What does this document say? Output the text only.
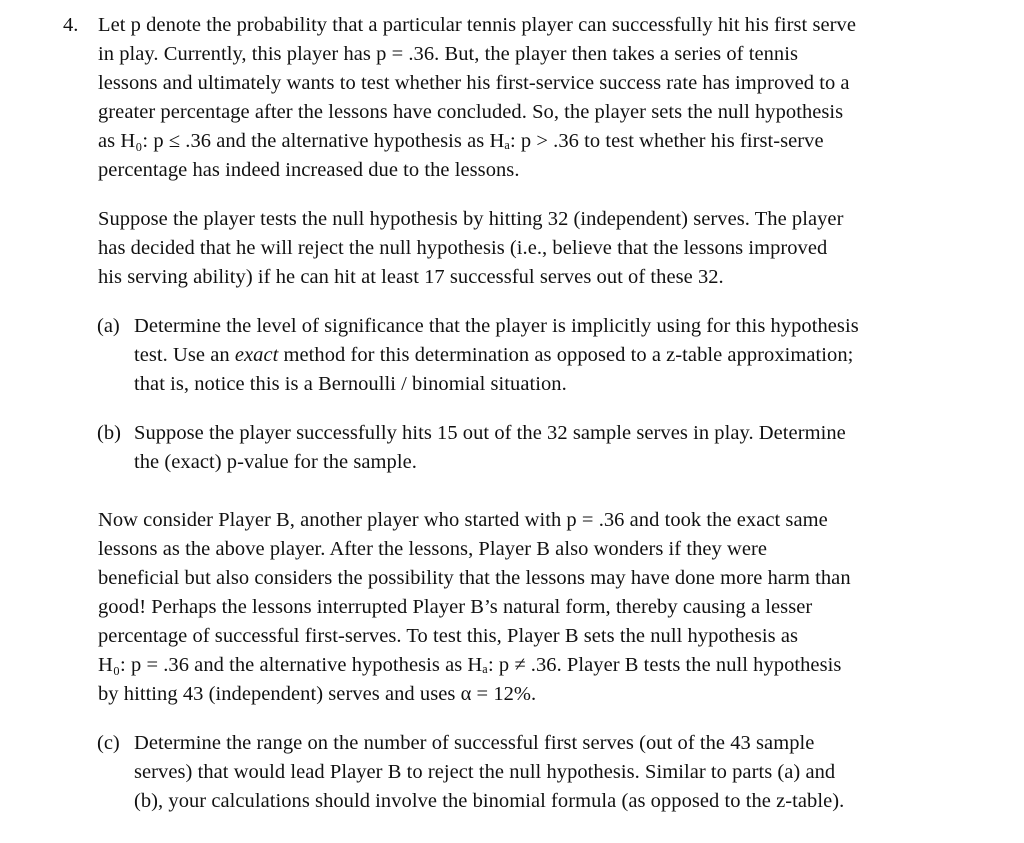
4. Let p denote the probability that a particular tennis player can successfully hit his first serve
in play. Currently, this player has p = .36. But, the player then takes a series of tennis
lessons and ultimately wants to test whether his first-service success rate has improved to a
greater percentage after the lessons have concluded. So, the player sets the null hypothesis
as H₀: p ≤ .36 and the alternative hypothesis as Hₐ: p > .36 to test whether his first-serve
percentage has indeed increased due to the lessons.
Suppose the player tests the null hypothesis by hitting 32 (independent) serves. The player
has decided that he will reject the null hypothesis (i.e., believe that the lessons improved
his serving ability) if he can hit at least 17 successful serves out of these 32.
(a) Determine the level of significance that the player is implicitly using for this hypothesis
test. Use an exact method for this determination as opposed to a z-table approximation;
that is, notice this is a Bernoulli / binomial situation.
(b) Suppose the player successfully hits 15 out of the 32 sample serves in play. Determine
the (exact) p-value for the sample.
Now consider Player B, another player who started with p = .36 and took the exact same
lessons as the above player. After the lessons, Player B also wonders if they were
beneficial but also considers the possibility that the lessons may have done more harm than
good! Perhaps the lessons interrupted Player B’s natural form, thereby causing a lesser
percentage of successful first-serves. To test this, Player B sets the null hypothesis as
H₀: p = .36 and the alternative hypothesis as Hₐ: p ≠ .36. Player B tests the null hypothesis
by hitting 43 (independent) serves and uses α = 12%.
(c) Determine the range on the number of successful first serves (out of the 43 sample
serves) that would lead Player B to reject the null hypothesis. Similar to parts (a) and
(b), your calculations should involve the binomial formula (as opposed to the z-table).
